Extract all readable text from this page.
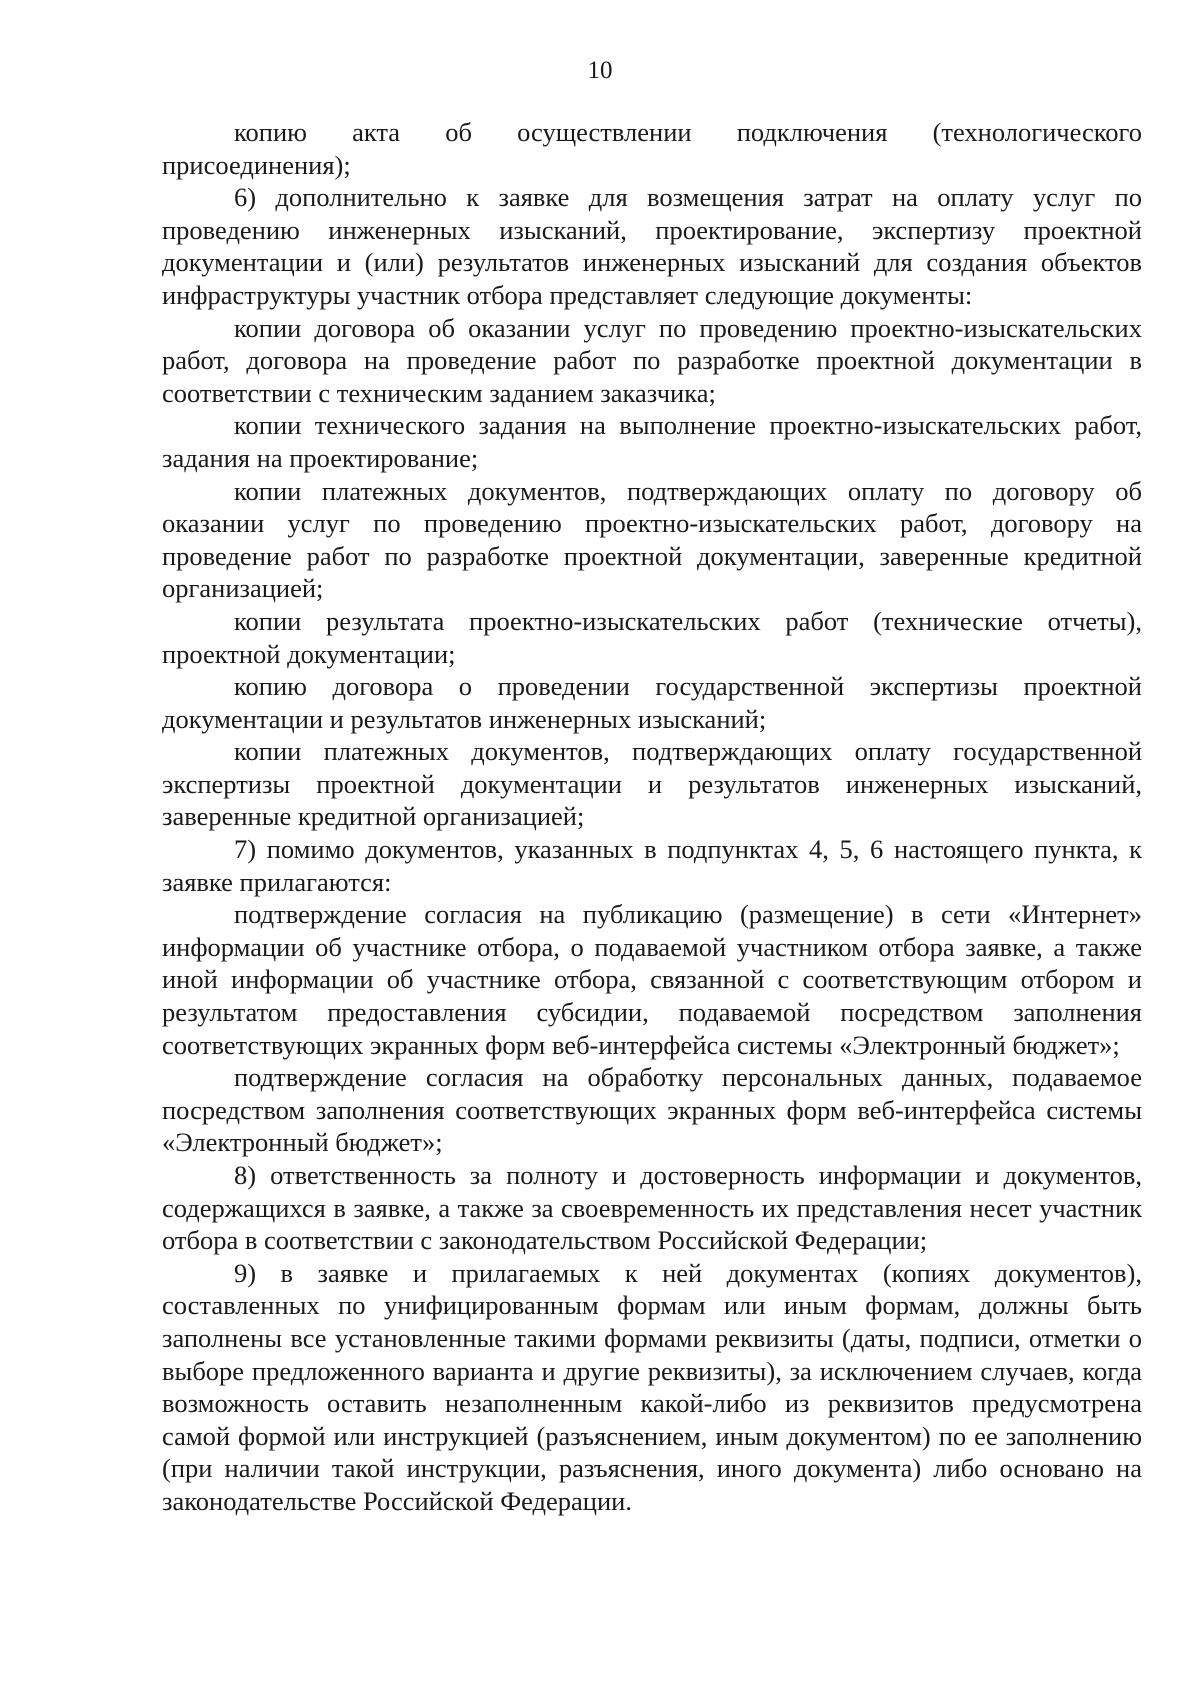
10

копию акта об осуществлении подключения (технологического присоединения);

6) дополнительно к заявке для возмещения затрат на оплату услуг по проведению инженерных изысканий, проектирование, экспертизу проектной документации и (или) результатов инженерных изысканий для создания объектов инфраструктуры участник отбора представляет следующие документы:

копии договора об оказании услуг по проведению проектно-изыскательских работ, договора на проведение работ по разработке проектной документации в соответствии с техническим заданием заказчика;

копии технического задания на выполнение проектно-изыскательских работ, задания на проектирование;

копии платежных документов, подтверждающих оплату по договору об оказании услуг по проведению проектно-изыскательских работ, договору на проведение работ по разработке проектной документации, заверенные кредитной организацией;

копии результата проектно-изыскательских работ (технические отчеты), проектной документации;

копию договора о проведении государственной экспертизы проектной документации и результатов инженерных изысканий;

копии платежных документов, подтверждающих оплату государственной экспертизы проектной документации и результатов инженерных изысканий, заверенные кредитной организацией;

7) помимо документов, указанных в подпунктах 4, 5, 6 настоящего пункта, к заявке прилагаются:

подтверждение согласия на публикацию (размещение) в сети «Интернет» информации об участнике отбора, о подаваемой участником отбора заявке, а также иной информации об участнике отбора, связанной с соответствующим отбором и результатом предоставления субсидии, подаваемой посредством заполнения соответствующих экранных форм веб-интерфейса системы «Электронный бюджет»;

подтверждение согласия на обработку персональных данных, подаваемое посредством заполнения соответствующих экранных форм веб-интерфейса системы «Электронный бюджет»;

8) ответственность за полноту и достоверность информации и документов, содержащихся в заявке, а также за своевременность их представления несет участник отбора в соответствии с законодательством Российской Федерации;

9) в заявке и прилагаемых к ней документах (копиях документов), составленных по унифицированным формам или иным формам, должны быть заполнены все установленные такими формами реквизиты (даты, подписи, отметки о выборе предложенного варианта и другие реквизиты), за исключением случаев, когда возможность оставить незаполненным какой-либо из реквизитов предусмотрена самой формой или инструкцией (разъяснением, иным документом) по ее заполнению (при наличии такой инструкции, разъяснения, иного документа) либо основано на законодательстве Российской Федерации.
